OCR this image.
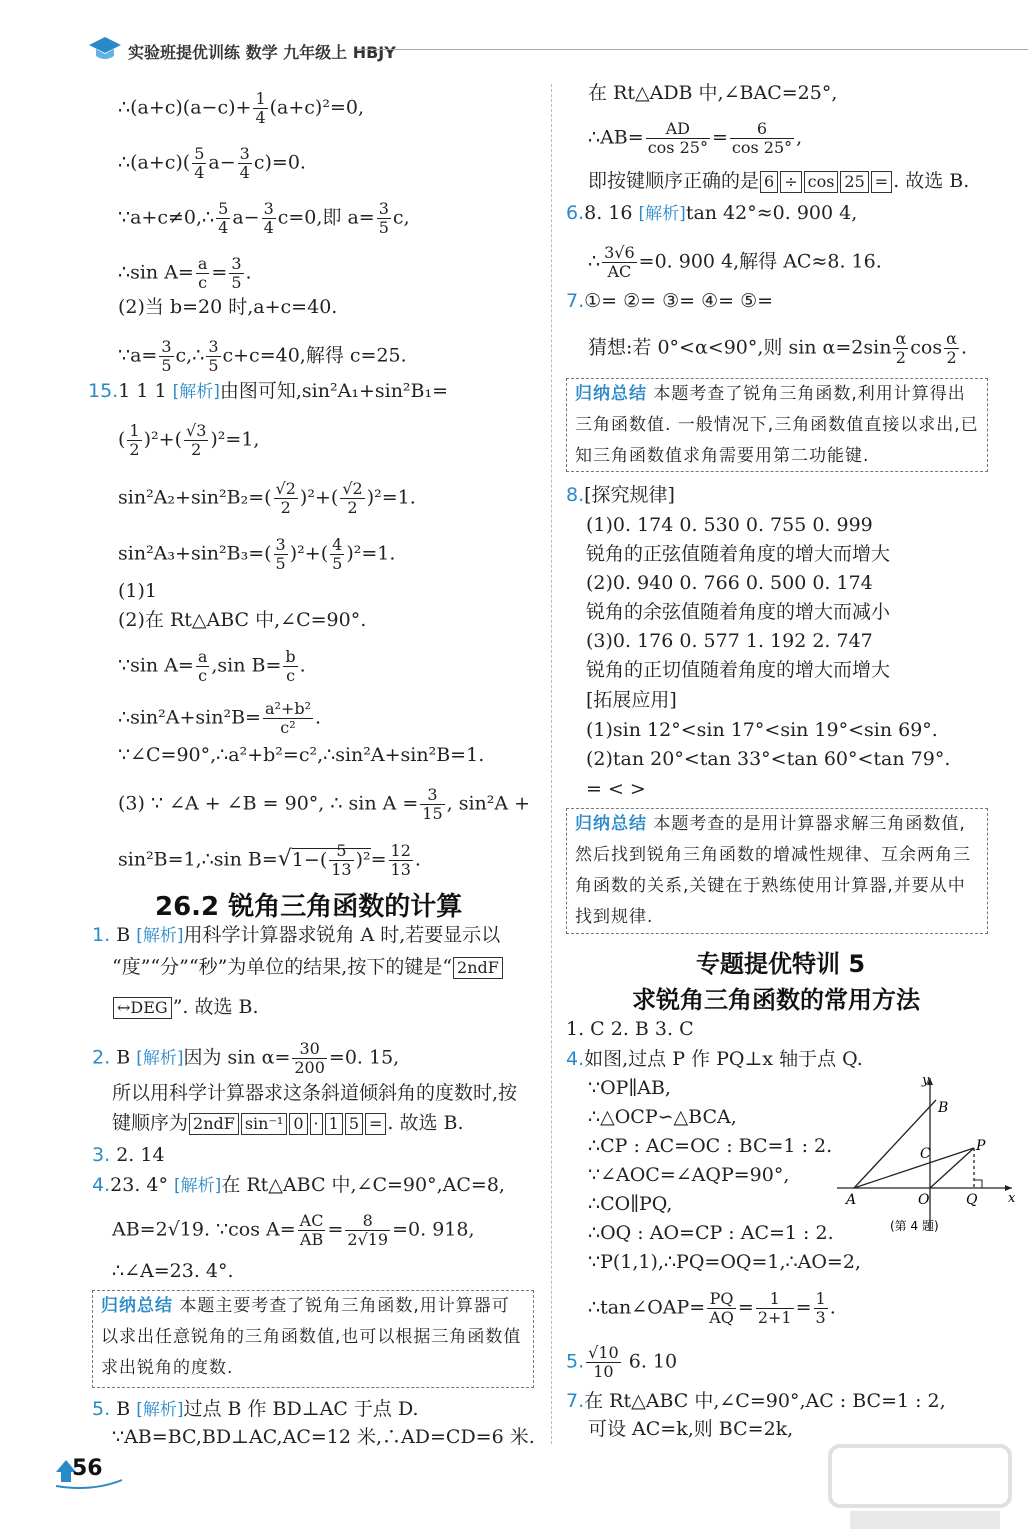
实验班提优训练 数学 九年级上 HBJY
∴(a+c)(a−c)+ $\frac{1}{4} (a+c)^2=0$,
∴(a+c)( $\frac{5}{4} a- \frac{3}{4} c)=0$.
∵a+c≠0,∴ $\frac{5}{4} a- \frac{3}{4} c=0$,即 $a= \frac{3}{5} c$,
∴sin $A= \frac{a}{c} = \frac{3}{5}$ .
(2)当 b=20 时,a+c=40.
∵a= $\frac{3}{5}$ c,∴ $\frac{3}{5} c+c=40$,解得 c=25.
15.1 1 1 [解析]由图可知,sin²A₁+sin²B₁=
( $\frac{1}{2} )^2+( \frac{√3}{2} )^2=1$,
$\sin^2A_2+\sin^2B_2=( \frac{√2}{2} )^2+( \frac{√2}{2} )^2=1$.
$\sin^2A_3+\sin^2B_3=( \frac{3}{5} )^2+( \frac{4}{5} )^2=1$.
(1)1
(2)在 Rt△ABC 中,∠C=90°.
∵sin $A= \frac{a}{c} ,\sin$ $B= \frac{b}{c}$ .
∴sin²A+sin²B= $\frac{\text{a²+b²}}{\text{c²}}$ .
∵∠C=90°,∴a²+b²=c²,∴sin²A+sin²B=1.
(3) ∵ ∠A + ∠B = 90°, ∴ $\sin A = \frac{3}{15}$ , sin²A +
sin²B=1,∴sin $B=√1-( \frac{5}{13} )^2= \frac{12}{13}$ .
26.2 锐角三角函数的计算
1. B [解析]用科学计算器求锐角 A 时,若要显示以
“度”“分”“秒”为单位的结果,按下的键是“ 2ndF
↔DEG ”. 故选 B.
2. B [解析]因为 $\sin \alpha= \frac{30}{200} =0$. 15,
所以用科学计算器求这条斜道倾斜角的度数时,按
键顺序为 2ndF sin⁻¹ 0 · 1 5 = . 故选 B.
3. 2. 14
4.23. 4° [解析]在 Rt△ABC 中,∠C=90°,AC=8,
AB=2√19. ∵cos $A= \frac{AC}{AB} = \frac{8}{2√19} =0$. 918,
∴∠A=23. 4°.
归纳总结 本题主要考查了锐角三角函数,用计算器可以求出任意锐角的三角函数值,也可以根据三角函数值求出锐角的度数.
5. B [解析]过点 B 作 BD⊥AC 于点 D.
∵AB=BC,BD⊥AC,AC=12 米,∴AD=CD=6 米.
在 Rt△ADB 中,∠BAC=25°,
∴AB= $\frac{AD}{\cos 25^\circ} = \frac{6}{\cos 25^\circ}$ ,
即按键顺序正确的是 6 ÷ cos 25 = . 故选 B.
6.8. 16 [解析]tan 42°≈0. 900 4,
∴ $\frac{3√6}{AC} =0$. 900 4,解得 AC≈8. 16.
7.①= ②= ③= ④= ⑤=
猜想:若 0°<α<90°,则 $\sin \alpha=2\sin \frac{\alpha}{2}$ $\cos \frac{\alpha}{2}$ .
归纳总结 本题考查了锐角三角函数,利用计算得出三角函数值. 一般情况下,三角函数值直接以求出,已知三角函数值求角需要用第二功能键.
8.[探究规律]
(1)0. 174 0. 530 0. 755 0. 999
锐角的正弦值随着角度的增大而增大
(2)0. 940 0. 766 0. 500 0. 174
锐角的余弦值随着角度的增大而减小
(3)0. 176 0. 577 1. 192 2. 747
锐角的正切值随着角度的增大而增大
[拓展应用]
(1)sin 12°<sin 17°<sin 19°<sin 69°.
(2)tan 20°<tan 33°<tan 60°<tan 79°.
= < >
归纳总结 本题考查的是用计算器求解三角函数值,然后找到锐角三角函数的增减性规律、互余两角三角函数的关系,关键在于熟练使用计算器,并要从中找到规律.
专题提优特训 5
求锐角三角函数的常用方法
1. C 2. B 3. C
4.如图,过点 P 作 PQ⊥x 轴于点 Q.
∵OP∥AB,
∴△OCP∽△BCA,
∴CP : AC=OC : BC=1 : 2.
∵∠AOC=∠AQP=90°,
∴CO∥PQ,
∴OQ : AO=CP : AC=1 : 2.
∵P(1,1),∴PQ=OQ=1,∴AO=2,
∴tan∠OAP= $\frac{PQ}{AQ} = \frac{1}{2+1} = \frac{1}{3}$ .
y
x
B
C	P
A	O	Q
(第 4 题)
5. $\frac{√10}{10} 6$. 10
7.在 Rt△ABC 中,∠C=90°,AC : BC=1 : 2,
可设 AC=k,则 BC=2k,
56
